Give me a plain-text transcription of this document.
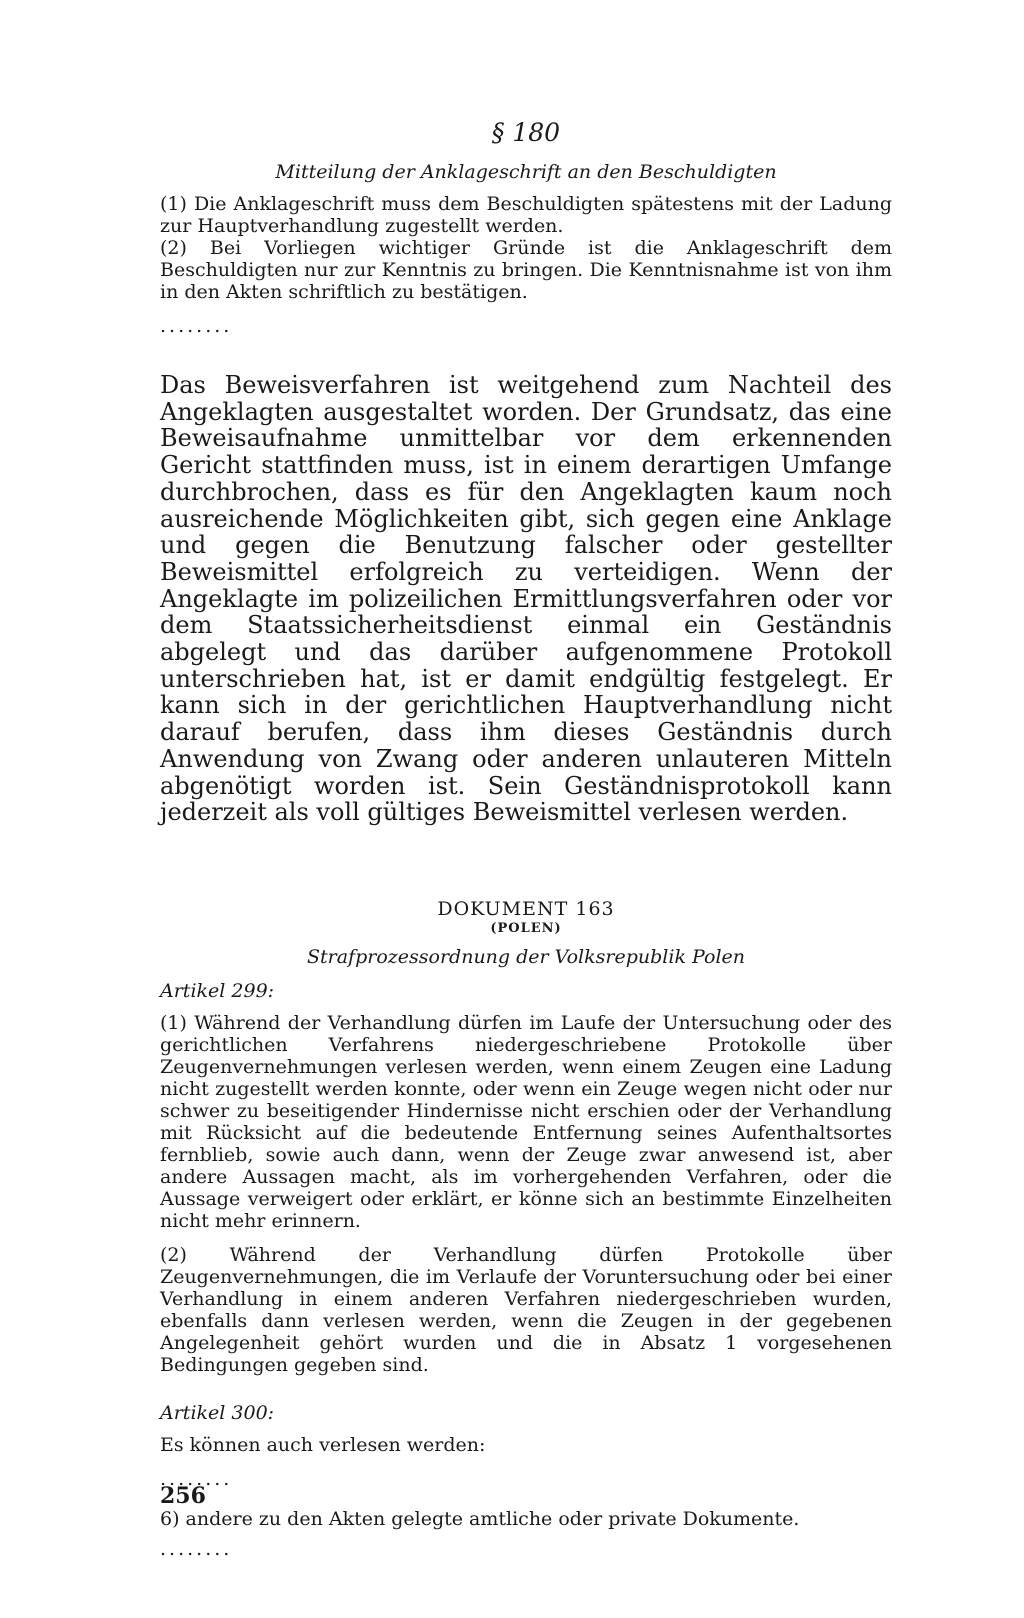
§ 180
Mitteilung der Anklageschrift an den Beschuldigten

(1) Die Anklageschrift muss dem Beschuldigten spätestens mit der Ladung zur Hauptverhandlung zugestellt werden.

(2) Bei Vorliegen wichtiger Gründe ist die Anklageschrift dem Beschuldigten nur zur Kenntnis zu bringen. Die Kenntnisnahme ist von ihm in den Akten schriftlich zu bestätigen.

........

Das Beweisverfahren ist weitgehend zum Nachteil des Angeklagten ausgestaltet worden. Der Grundsatz, das eine Beweisaufnahme unmittelbar vor dem erkennenden Gericht stattfinden muss, ist in einem derartigen Umfange durchbrochen, dass es für den Angeklagten kaum noch ausreichende Möglichkeiten gibt, sich gegen eine Anklage und gegen die Benutzung falscher oder gestellter Beweismittel erfolgreich zu verteidigen. Wenn der Angeklagte im polizeilichen Ermittlungsverfahren oder vor dem Staatssicherheitsdienst einmal ein Geständnis abgelegt und das darüber aufgenommene Protokoll unterschrieben hat, ist er damit endgültig festgelegt. Er kann sich in der gerichtlichen Hauptverhandlung nicht darauf berufen, dass ihm dieses Geständnis durch Anwendung von Zwang oder anderen unlauteren Mitteln abgenötigt worden ist. Sein Geständnisprotokoll kann jederzeit als voll gültiges Beweismittel verlesen werden.

DOKUMENT 163
(POLEN)
Strafprozessordnung der Volksrepublik Polen
Artikel 299:

(1) Während der Verhandlung dürfen im Laufe der Untersuchung oder des gerichtlichen Verfahrens niedergeschriebene Protokolle über Zeugenvernehmungen verlesen werden, wenn einem Zeugen eine Ladung nicht zugestellt werden konnte, oder wenn ein Zeuge wegen nicht oder nur schwer zu beseitigender Hindernisse nicht erschien oder der Verhandlung mit Rücksicht auf die bedeutende Entfernung seines Aufenthaltsortes fernblieb, sowie auch dann, wenn der Zeuge zwar anwesend ist, aber andere Aussagen macht, als im vorhergehenden Verfahren, oder die Aussage verweigert oder erklärt, er könne sich an bestimmte Einzelheiten nicht mehr erinnern.

(2) Während der Verhandlung dürfen Protokolle über Zeugenvernehmungen, die im Verlaufe der Voruntersuchung oder bei einer Verhandlung in einem anderen Verfahren niedergeschrieben wurden, ebenfalls dann verlesen werden, wenn die Zeugen in der gegebenen Angelegenheit gehört wurden und die in Absatz 1 vorgesehenen Bedingungen gegeben sind.

Artikel 300:
Es können auch verlesen werden:
........
6) andere zu den Akten gelegte amtliche oder private Dokumente.
........
256
